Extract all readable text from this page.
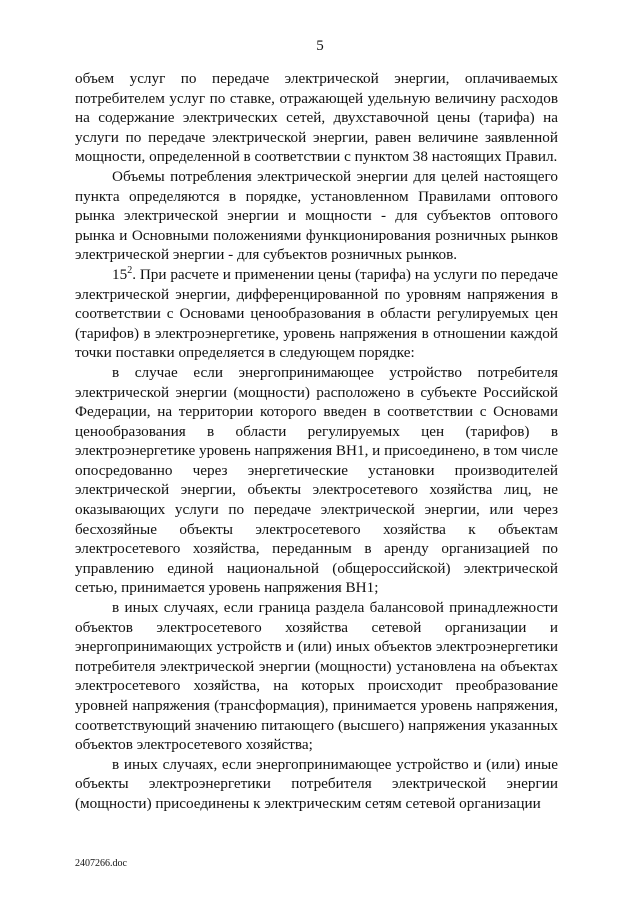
5

объем услуг по передаче электрической энергии, оплачиваемых потребителем услуг по ставке, отражающей удельную величину расходов на содержание электрических сетей, двухставочной цены (тарифа) на услуги по передаче электрической энергии, равен величине заявленной мощности, определенной в соответствии с пунктом 38 настоящих Правил.

Объемы потребления электрической энергии для целей настоящего пункта определяются в порядке, установленном Правилами оптового рынка электрической энергии и мощности - для субъектов оптового рынка и Основными положениями функционирования розничных рынков электрической энергии - для субъектов розничных рынков.

$15^2$. При расчете и применении цены (тарифа) на услуги по передаче электрической энергии, дифференцированной по уровням напряжения в соответствии с Основами ценообразования в области регулируемых цен (тарифов) в электроэнергетике, уровень напряжения в отношении каждой точки поставки определяется в следующем порядке:

в случае если энергопринимающее устройство потребителя электрической энергии (мощности) расположено в субъекте Российской Федерации, на территории которого введен в соответствии с Основами ценообразования в области регулируемых цен (тарифов) в электроэнергетике уровень напряжения ВН1, и присоединено, в том числе опосредованно через энергетические установки производителей электрической энергии, объекты электросетевого хозяйства лиц, не оказывающих услуги по передаче электрической энергии, или через бесхозяйные объекты электросетевого хозяйства к объектам электросетевого хозяйства, переданным в аренду организацией по управлению единой национальной (общероссийской) электрической сетью, принимается уровень напряжения ВН1;

в иных случаях, если граница раздела балансовой принадлежности объектов электросетевого хозяйства сетевой организации и энергопринимающих устройств и (или) иных объектов электроэнергетики потребителя электрической энергии (мощности) установлена на объектах электросетевого хозяйства, на которых происходит преобразование уровней напряжения (трансформация), принимается уровень напряжения, соответствующий значению питающего (высшего) напряжения указанных объектов электросетевого хозяйства;

в иных случаях, если энергопринимающее устройство и (или) иные объекты электроэнергетики потребителя электрической энергии (мощности) присоединены к электрическим сетям сетевой организации

2407266.doc
